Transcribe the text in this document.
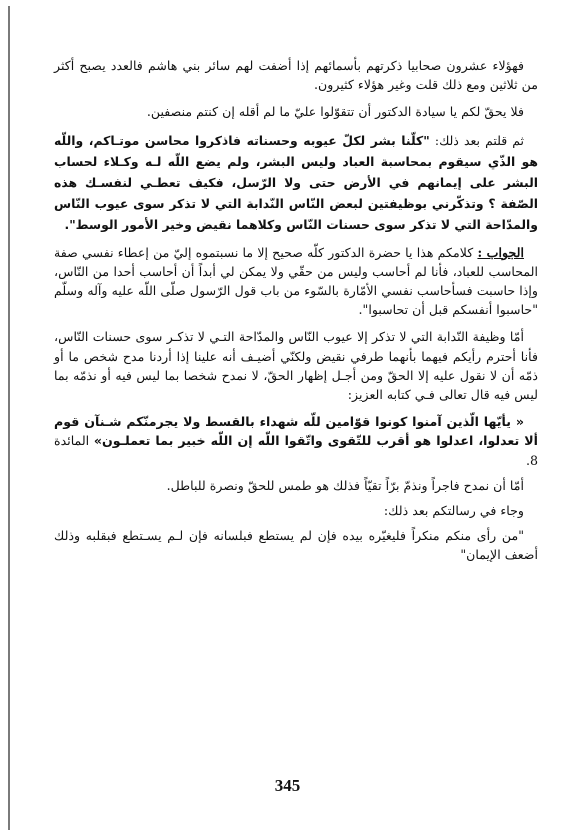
فهؤلاء عشرون صحابيا ذكرتهم بأسمائهم إذا أضفت لهم سائر بني هاشم فالعدد يصبح أكثر من ثلاثين ومع ذلك قلت وغير هؤلاء كثيرون.

فلا يحقّ لكم يا سيادة الدكتور أن تتقوّلوا عليّ ما لم أقله إن كنتم منصفين.

ثم قلتم بعد ذلك: "كلّنا بشر لكلّ عيوبه وحسناته فاذكروا محاسن موتـاكم، واللّه هو الذّي سيقوم بمحاسبة العباد وليس البشر، ولم يضع اللّه لـه وكـلاء لحساب البشر على إيمانهم في الأرض حتى ولا الرّسل، فكيف تعطـي لنفسـك هذه الصّفة ؟ وتذكّرني بوظيفتين لبعض النّاس النّدابة التي لا تذكر سوى عيوب النّاس والمدّاحة التي لا تذكر سوى حسنات النّاس وكلاهما نقيض وخير الأمور الوسط".

الجواب : كلامكم هذا يا حضرة الدكتور كلّه صحيح إلا ما نسبتموه إليّ من إعطاء نفسي صفة المحاسب للعباد، فأنا لم أحاسب وليس من حقّي ولا يمكن لي أبداً أن أحاسب أحدا من النّاس، وإذا حاسبت فسأحاسب نفسي الأمّارة بالسّوء من باب قول الرّسول صلّى اللّه عليه وآله وسلّم "حاسبوا أنفسكم قبل أن تحاسبوا".

أمّا وظيفة النّدابة التي لا تذكر إلا عيوب النّاس والمدّاحة التـي لا تذكـر سوى حسنات النّاس، فأنا أحترم رأيكم فيهما بأنهما طرفي نقيض ولكنّي أضيـف أنه علينا إذا أردنا مدح شخص ما أو ذمّه أن لا نقول عليه إلا الحقّ ومن أجـل إظهار الحقّ، لا نمدح شخصا بما ليس فيه أو نذمّه بما ليس فيه قال تعالى فـي كتابه العزيز:

« يأيّها الّذين آمنوا كونوا قوّامين للّه شهداء بالقسط ولا يجرمنّكم شـنآن قوم ألا تعدلوا، اعدلوا هو أقرب للتّقوى واتّقوا اللّه إن اللّه خبير بما تعملـون» المائدة 8.

أمّا أن نمدح فاجراً ونذمّ برّاً تقيّاً فذلك هو طمس للحقّ ونصرة للباطل.

وجاء في رسالتكم بعد ذلك:

"من رأى منكم منكراً فليغيّره بيده فإن لم يستطع فبلسانه فإن لـم يسـتطع فبقلبه وذلك أضعف الإيمان"

345
